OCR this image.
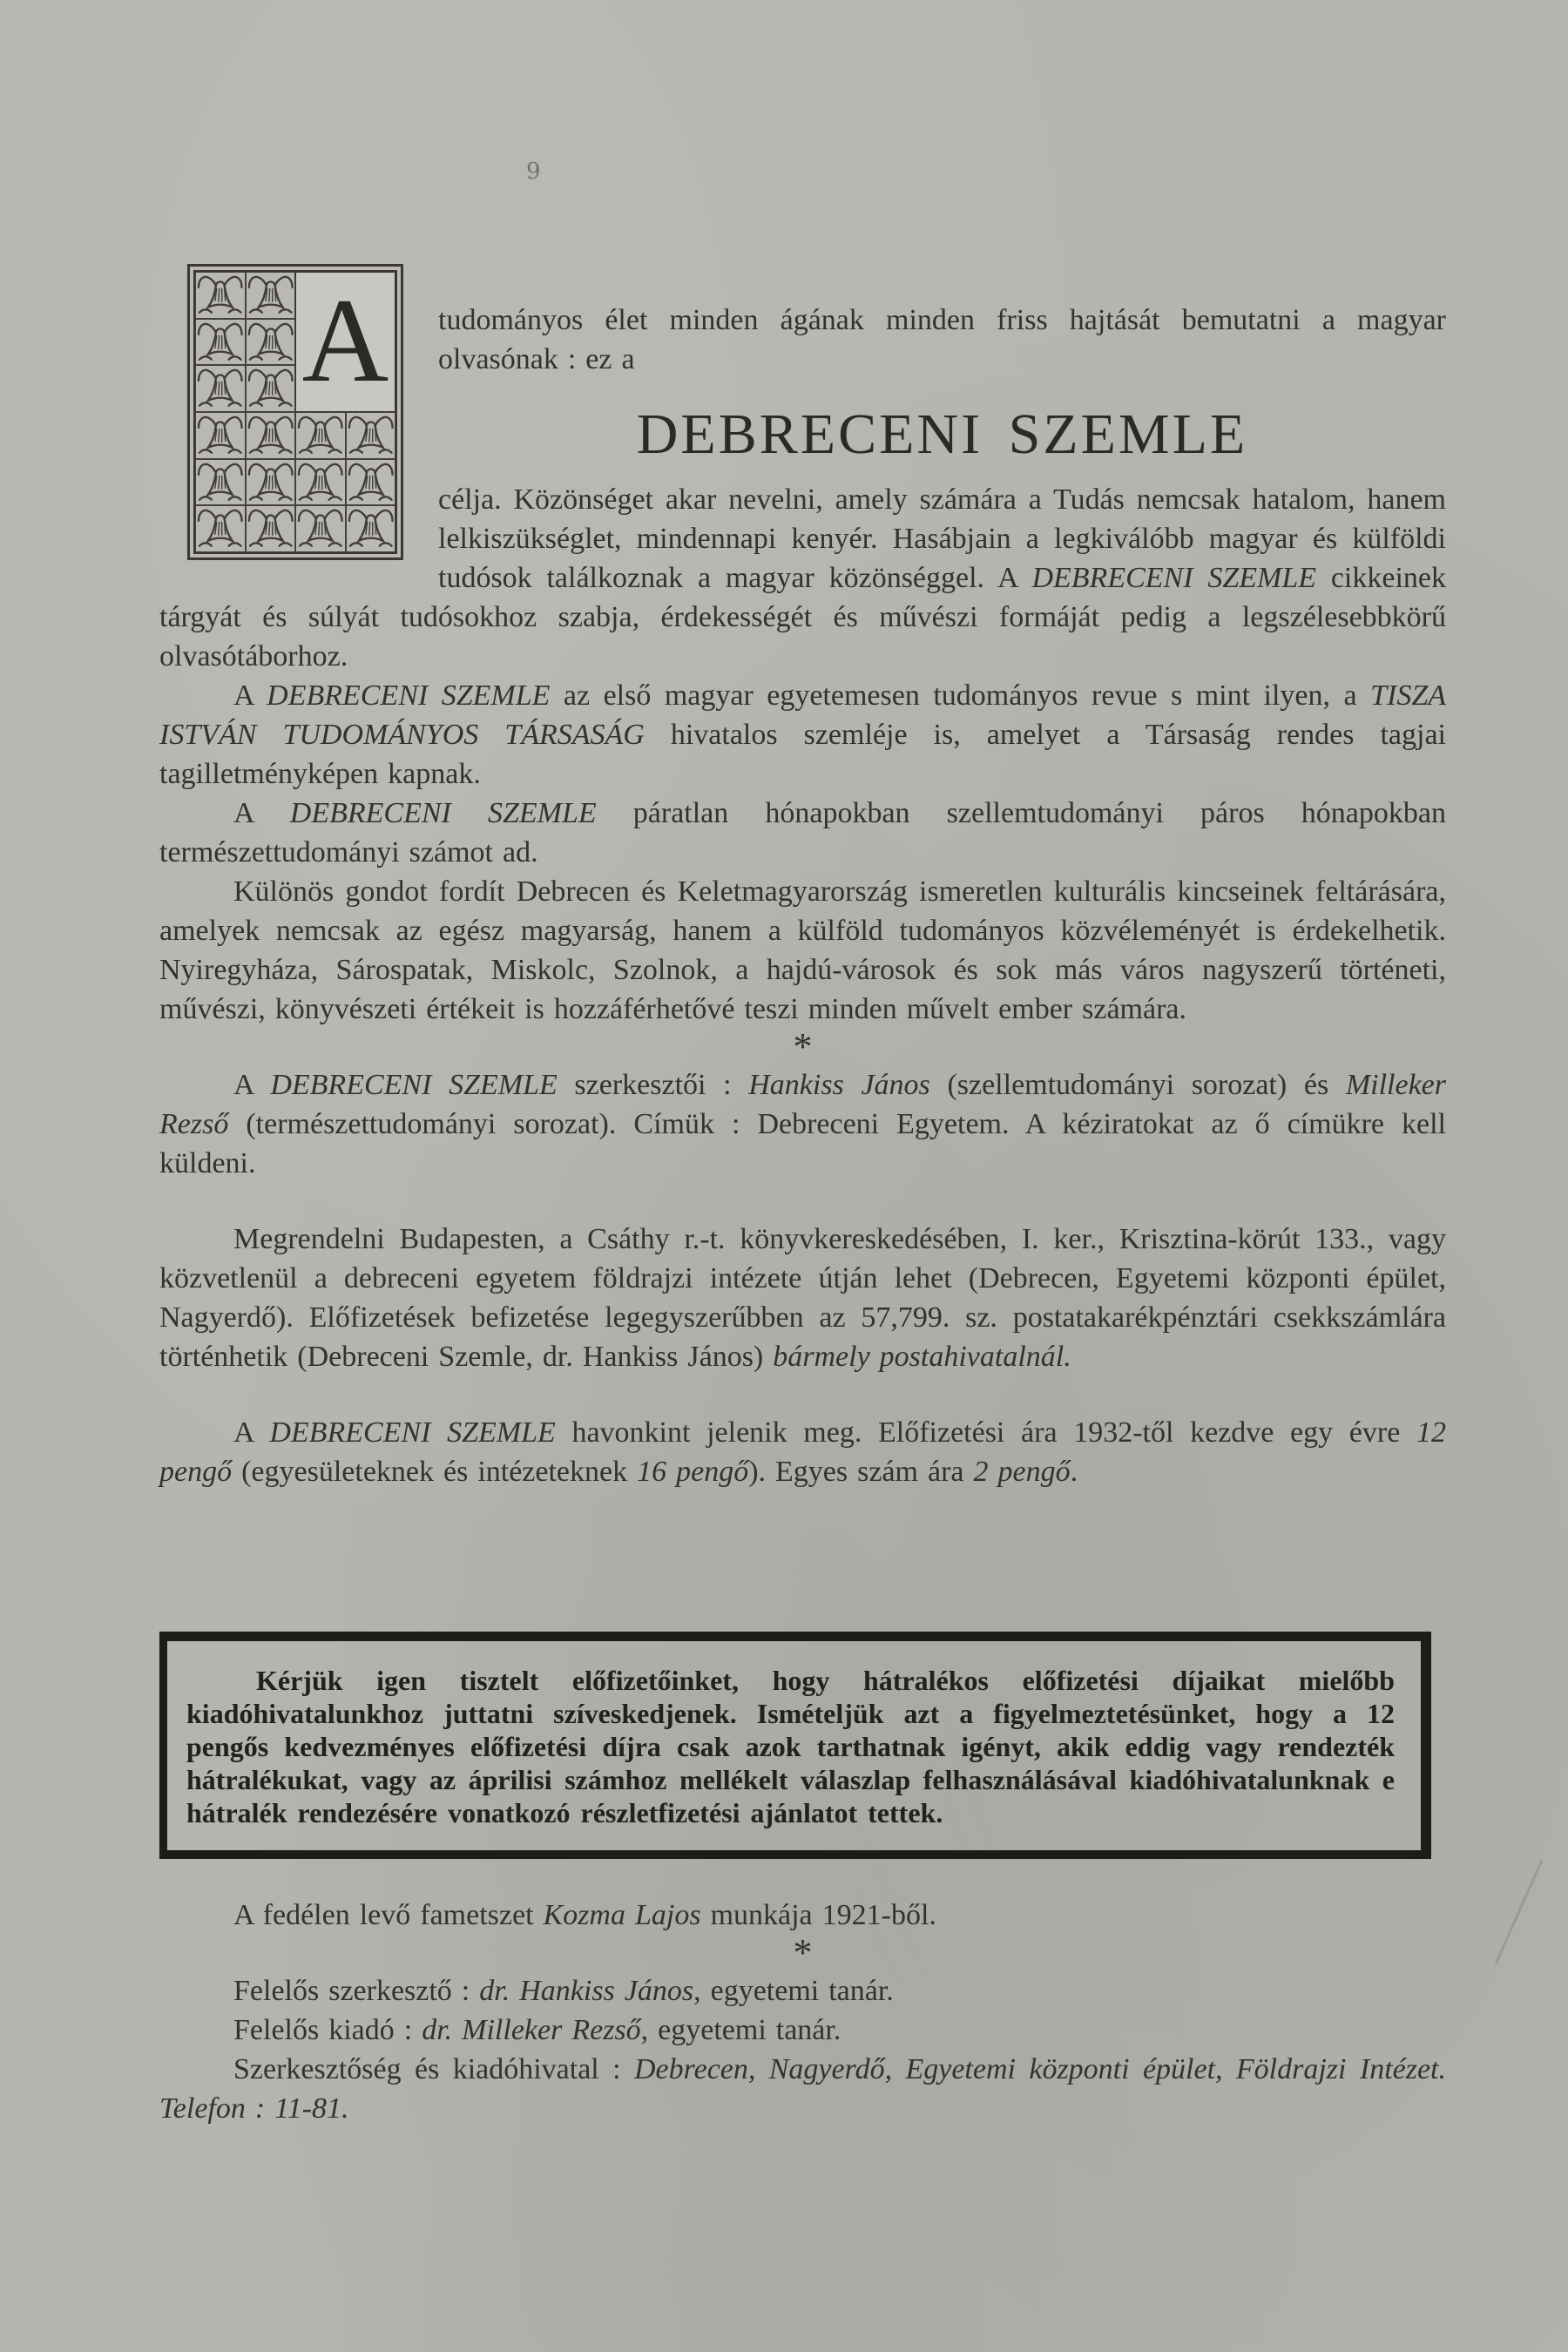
9
A	tudományos élet minden ágának minden friss hajtását bemutatni a magyar olvasónak : ez a

DEBRECENI SZEMLE

célja. Közönséget akar nevelni, amely számára a Tudás nemcsak hatalom, hanem lelkiszükséglet, mindennapi kenyér. Hasábjain a legkiválóbb magyar és külföldi tudósok találkoznak a magyar közönséggel. A DEBRECENI SZEMLE cikkeinek tárgyát és súlyát tudósokhoz szabja, érdekességét és művészi formáját pedig a legszélesebbkörű olvasótáborhoz.

A DEBRECENI SZEMLE az első magyar egyetemesen tudományos revue s mint ilyen, a TISZA ISTVÁN TUDOMÁNYOS TÁRSASÁG hivatalos szemléje is, amelyet a Társaság rendes tagjai tagilletményképen kapnak.

A DEBRECENI SZEMLE páratlan hónapokban szellemtudományi páros hónapokban természettudományi számot ad.

Különös gondot fordít Debrecen és Keletmagyarország ismeretlen kulturális kincseinek feltárására, amelyek nemcsak az egész magyarság, hanem a külföld tudományos közvéleményét is érdekelhetik. Nyiregyháza, Sárospatak, Miskolc, Szolnok, a hajdú-városok és sok más város nagyszerű történeti, művészi, könyvészeti értékeit is hozzáférhetővé teszi minden művelt ember számára.

*

A DEBRECENI SZEMLE szerkesztői : Hankiss János (szellemtudományi sorozat) és Milleker Rezső (természettudományi sorozat). Címük : Debreceni Egyetem. A kéziratokat az ő címükre kell küldeni.

Megrendelni Budapesten, a Csáthy r.-t. könyvkereskedésében, I. ker., Krisztina-körút 133., vagy közvetlenül a debreceni egyetem földrajzi intézete útján lehet (Debrecen, Egyetemi központi épület, Nagyerdő). Előfizetések befizetése legegyszerűbben az 57,799. sz. postatakarékpénztári csekkszámlára történhetik (Debreceni Szemle, dr. Hankiss János) bármely postahivatalnál.

A DEBRECENI SZEMLE havonkint jelenik meg. Előfizetési ára 1932-től kezdve egy évre 12 pengő (egyesületeknek és intézeteknek 16 pengő). Egyes szám ára 2 pengő.

Kérjük igen tisztelt előfizetőinket, hogy hátralékos előfizetési díjaikat mielőbb kiadóhivatalunkhoz juttatni szíveskedjenek. Ismételjük azt a figyelmeztetésünket, hogy a 12 pengős kedvezményes előfizetési díjra csak azok tarthatnak igényt, akik eddig vagy rendezték hátralékukat, vagy az áprilisi számhoz mellékelt válaszlap felhasználásával kiadóhivatalunknak e hátralék rendezésére vonatkozó részletfizetési ajánlatot tettek.

A fedélen levő fametszet Kozma Lajos munkája 1921-ből.

*

Felelős szerkesztő : dr. Hankiss János, egyetemi tanár.

Felelős kiadó : dr. Milleker Rezső, egyetemi tanár.

Szerkesztőség és kiadóhivatal : Debrecen, Nagyerdő, Egyetemi központi épület, Földrajzi Intézet. Telefon : 11-81.
